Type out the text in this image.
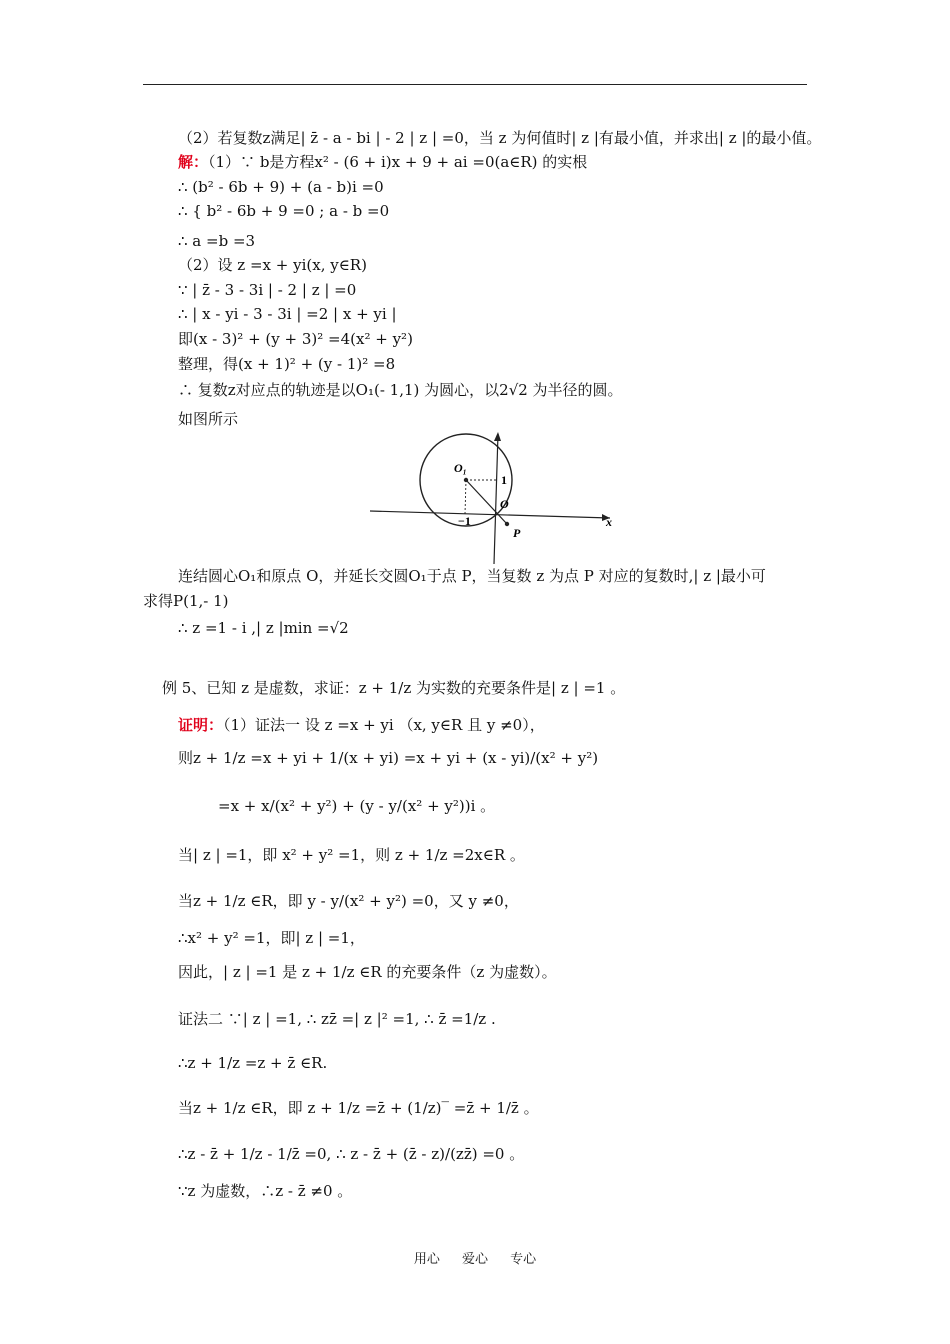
（2）若复数z满足| z̄ - a - bi | - 2 | z | =0，当 z 为何值时| z |有最小值，并求出| z |的最小值。
解：（1）∵ b是方程x² - (6 + i)x + 9 + ai =0(a∈R) 的实根
∴ (b² - 6b + 9) + (a - b)i =0
∴ { b² - 6b + 9 =0 ; a - b =0
∴ a =b =3
（2）设 z =x + yi(x, y∈R)
∵ | z̄ - 3 - 3i | - 2 | z | =0
∴ | x - yi - 3 - 3i | =2 | x + yi |
即(x - 3)² + (y + 3)² =4(x² + y²)
整理，得(x + 1)² + (y - 1)² =8
∴ 复数z对应点的轨迹是以O₁(- 1,1) 为圆心，以2√2 为半径的圆。
如图所示
O₁
1
O
−1
P
x
连结圆心O₁和原点 O，并延长交圆O₁于点 P，当复数 z 为点 P 对应的复数时,| z |最小可
求得P(1,- 1)
∴ z =1 - i ,| z |min =√2
例 5、已知 z 是虚数，求证：z + 1/z 为实数的充要条件是| z | =1 。
证明：（1）证法一 设 z =x + yi （x, y∈R 且 y ≠0），
则z + 1/z =x + yi + 1/(x + yi) =x + yi + (x - yi)/(x² + y²)
=x + x/(x² + y²) + (y - y/(x² + y²))i 。
当| z | =1，即 x² + y² =1，则 z + 1/z =2x∈R 。
当z + 1/z ∈R，即 y - y/(x² + y²) =0，又 y ≠0，
∴x² + y² =1，即| z | =1，
因此，| z | =1 是 z + 1/z ∈R 的充要条件（z 为虚数）。
证法二 ∵| z | =1, ∴ zz̄ =| z |² =1, ∴ z̄ =1/z .
∴z + 1/z =z + z̄ ∈R.
当z + 1/z ∈R，即 z + 1/z =z̄ + (1/z)‾ =z̄ + 1/z̄ 。
∴z - z̄ + 1/z - 1/z̄ =0, ∴ z - z̄ + (z̄ - z)/(zz̄) =0 。
∵z 为虚数，∴z - z̄ ≠0 。
用心 爱心 专心
